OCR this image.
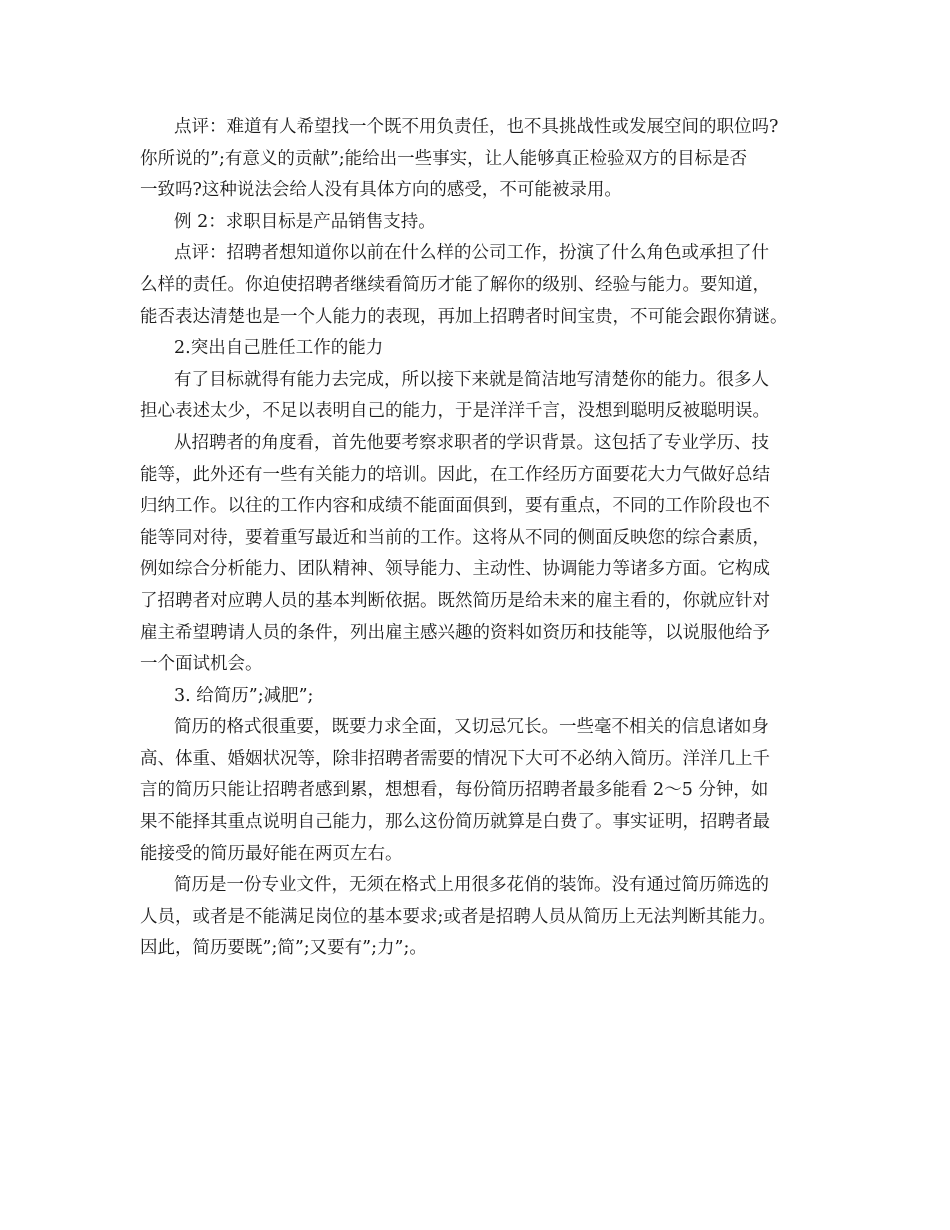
点评：难道有人希望找一个既不用负责任，也不具挑战性或发展空间的职位吗?
你所说的”;有意义的贡献”;能给出一些事实，让人能够真正检验双方的目标是否
一致吗?这种说法会给人没有具体方向的感受，不可能被录用。
例 2：求职目标是产品销售支持。
点评：招聘者想知道你以前在什么样的公司工作，扮演了什么角色或承担了什
么样的责任。你迫使招聘者继续看简历才能了解你的级别、经验与能力。要知道，
能否表达清楚也是一个人能力的表现，再加上招聘者时间宝贵，不可能会跟你猜谜。
2.突出自己胜任工作的能力
有了目标就得有能力去完成，所以接下来就是简洁地写清楚你的能力。很多人
担心表述太少，不足以表明自己的能力，于是洋洋千言，没想到聪明反被聪明误。
从招聘者的角度看，首先他要考察求职者的学识背景。这包括了专业学历、技
能等，此外还有一些有关能力的培训。因此，在工作经历方面要花大力气做好总结
归纳工作。以往的工作内容和成绩不能面面俱到，要有重点，不同的工作阶段也不
能等同对待，要着重写最近和当前的工作。这将从不同的侧面反映您的综合素质，
例如综合分析能力、团队精神、领导能力、主动性、协调能力等诸多方面。它构成
了招聘者对应聘人员的基本判断依据。既然简历是给未来的雇主看的，你就应针对
雇主希望聘请人员的条件，列出雇主感兴趣的资料如资历和技能等，以说服他给予
一个面试机会。
3. 给简历”;减肥”;
简历的格式很重要，既要力求全面，又切忌冗长。一些毫不相关的信息诸如身
高、体重、婚姻状况等，除非招聘者需要的情况下大可不必纳入简历。洋洋几上千
言的简历只能让招聘者感到累，想想看，每份简历招聘者最多能看 2～5 分钟，如
果不能择其重点说明自己能力，那么这份简历就算是白费了。事实证明，招聘者最
能接受的简历最好能在两页左右。
简历是一份专业文件，无须在格式上用很多花俏的装饰。没有通过简历筛选的
人员，或者是不能满足岗位的基本要求;或者是招聘人员从简历上无法判断其能力。
因此，简历要既”;简”;又要有”;力”;。
